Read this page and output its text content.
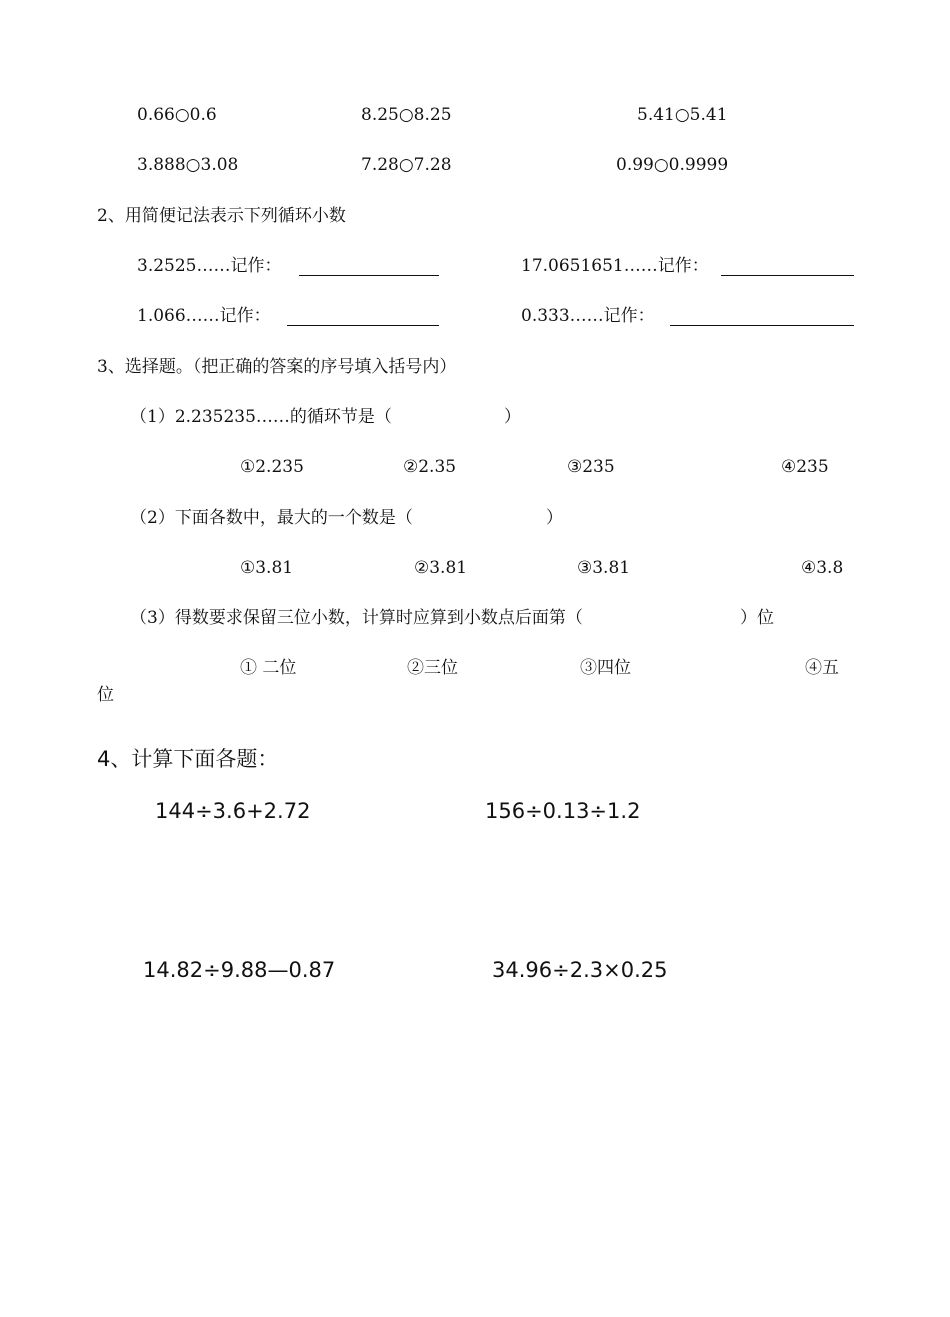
0.66○0.6	8.25○8.25	5.41○5.41
3.888○3.08	7.28○7.28	0.99○0.9999
2、用简便记法表示下列循环小数
3.2525……记作：	17.0651651……记作：
1.066……记作：	0.333……记作：
3、选择题。（把正确的答案的序号填入括号内）
（1）2.235235……的循环节是（	）
①2.235	②2.35	③235	④235
（2）下面各数中，最大的一个数是（	）
①3.81	②3.81	③3.81	④3.8
（3）得数要求保留三位小数，计算时应算到小数点后面第（	）位
① 二位	②三位	③四位	④五
位
4、计算下面各题：
144÷3.6+2.72	156÷0.13÷1.2
14.82÷9.88—0.87	34.96÷2.3×0.25
